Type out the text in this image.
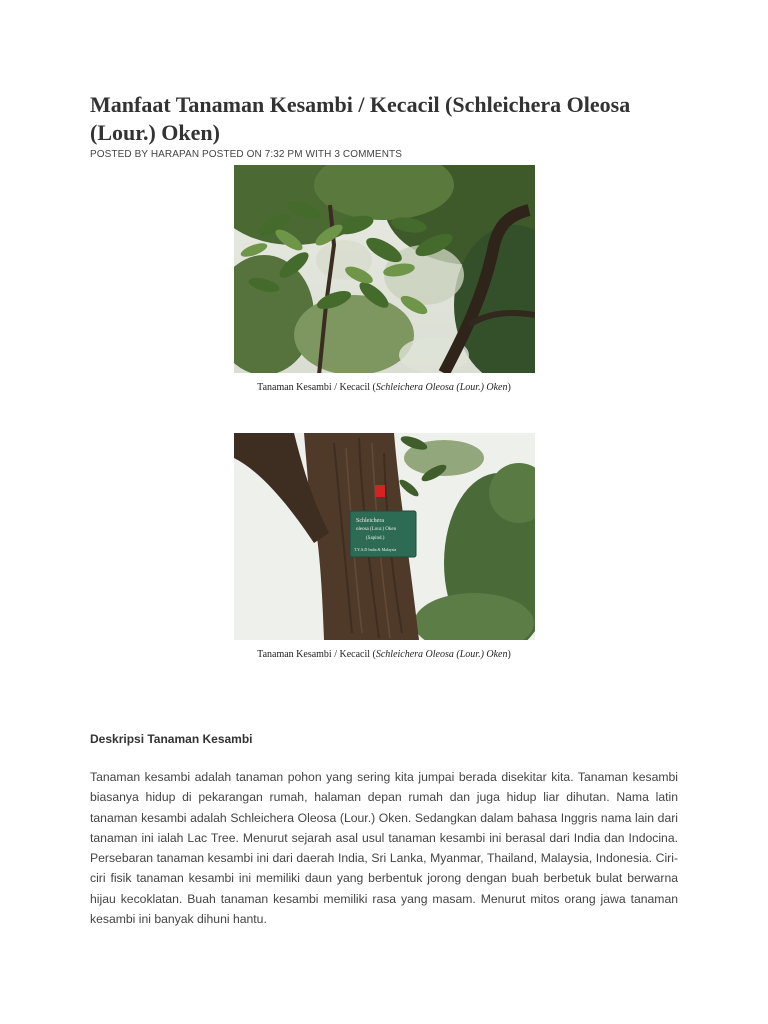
Manfaat Tanaman Kesambi / Kecacil (Schleichera Oleosa (Lour.) Oken)
POSTED BY HARAPAN POSTED ON 7:32 PM WITH 3 COMMENTS
Tanaman Kesambi / Kecacil (Schleichera Oleosa (Lour.) Oken)
Schleichera
oleosa (Lour.) Oken
(Sapind.)
T.Y.A.D India & Malaysia
Tanaman Kesambi / Kecacil (Schleichera Oleosa (Lour.) Oken)
Deskripsi Tanaman Kesambi

Tanaman kesambi adalah tanaman pohon yang sering kita jumpai berada disekitar kita. Tanaman kesambi biasanya hidup di pekarangan rumah, halaman depan rumah dan juga hidup liar dihutan. Nama latin tanaman kesambi adalah Schleichera Oleosa (Lour.) Oken. Sedangkan dalam bahasa Inggris nama lain dari tanaman ini ialah Lac Tree. Menurut sejarah asal usul tanaman kesambi ini berasal dari India dan Indocina. Persebaran tanaman kesambi ini dari daerah India, Sri Lanka, Myanmar, Thailand, Malaysia, Indonesia. Ciri-ciri fisik tanaman kesambi ini memiliki daun yang berbentuk jorong dengan buah berbetuk bulat berwarna hijau kecoklatan. Buah tanaman kesambi memiliki rasa yang masam. Menurut mitos orang jawa tanaman kesambi ini banyak dihuni hantu.
